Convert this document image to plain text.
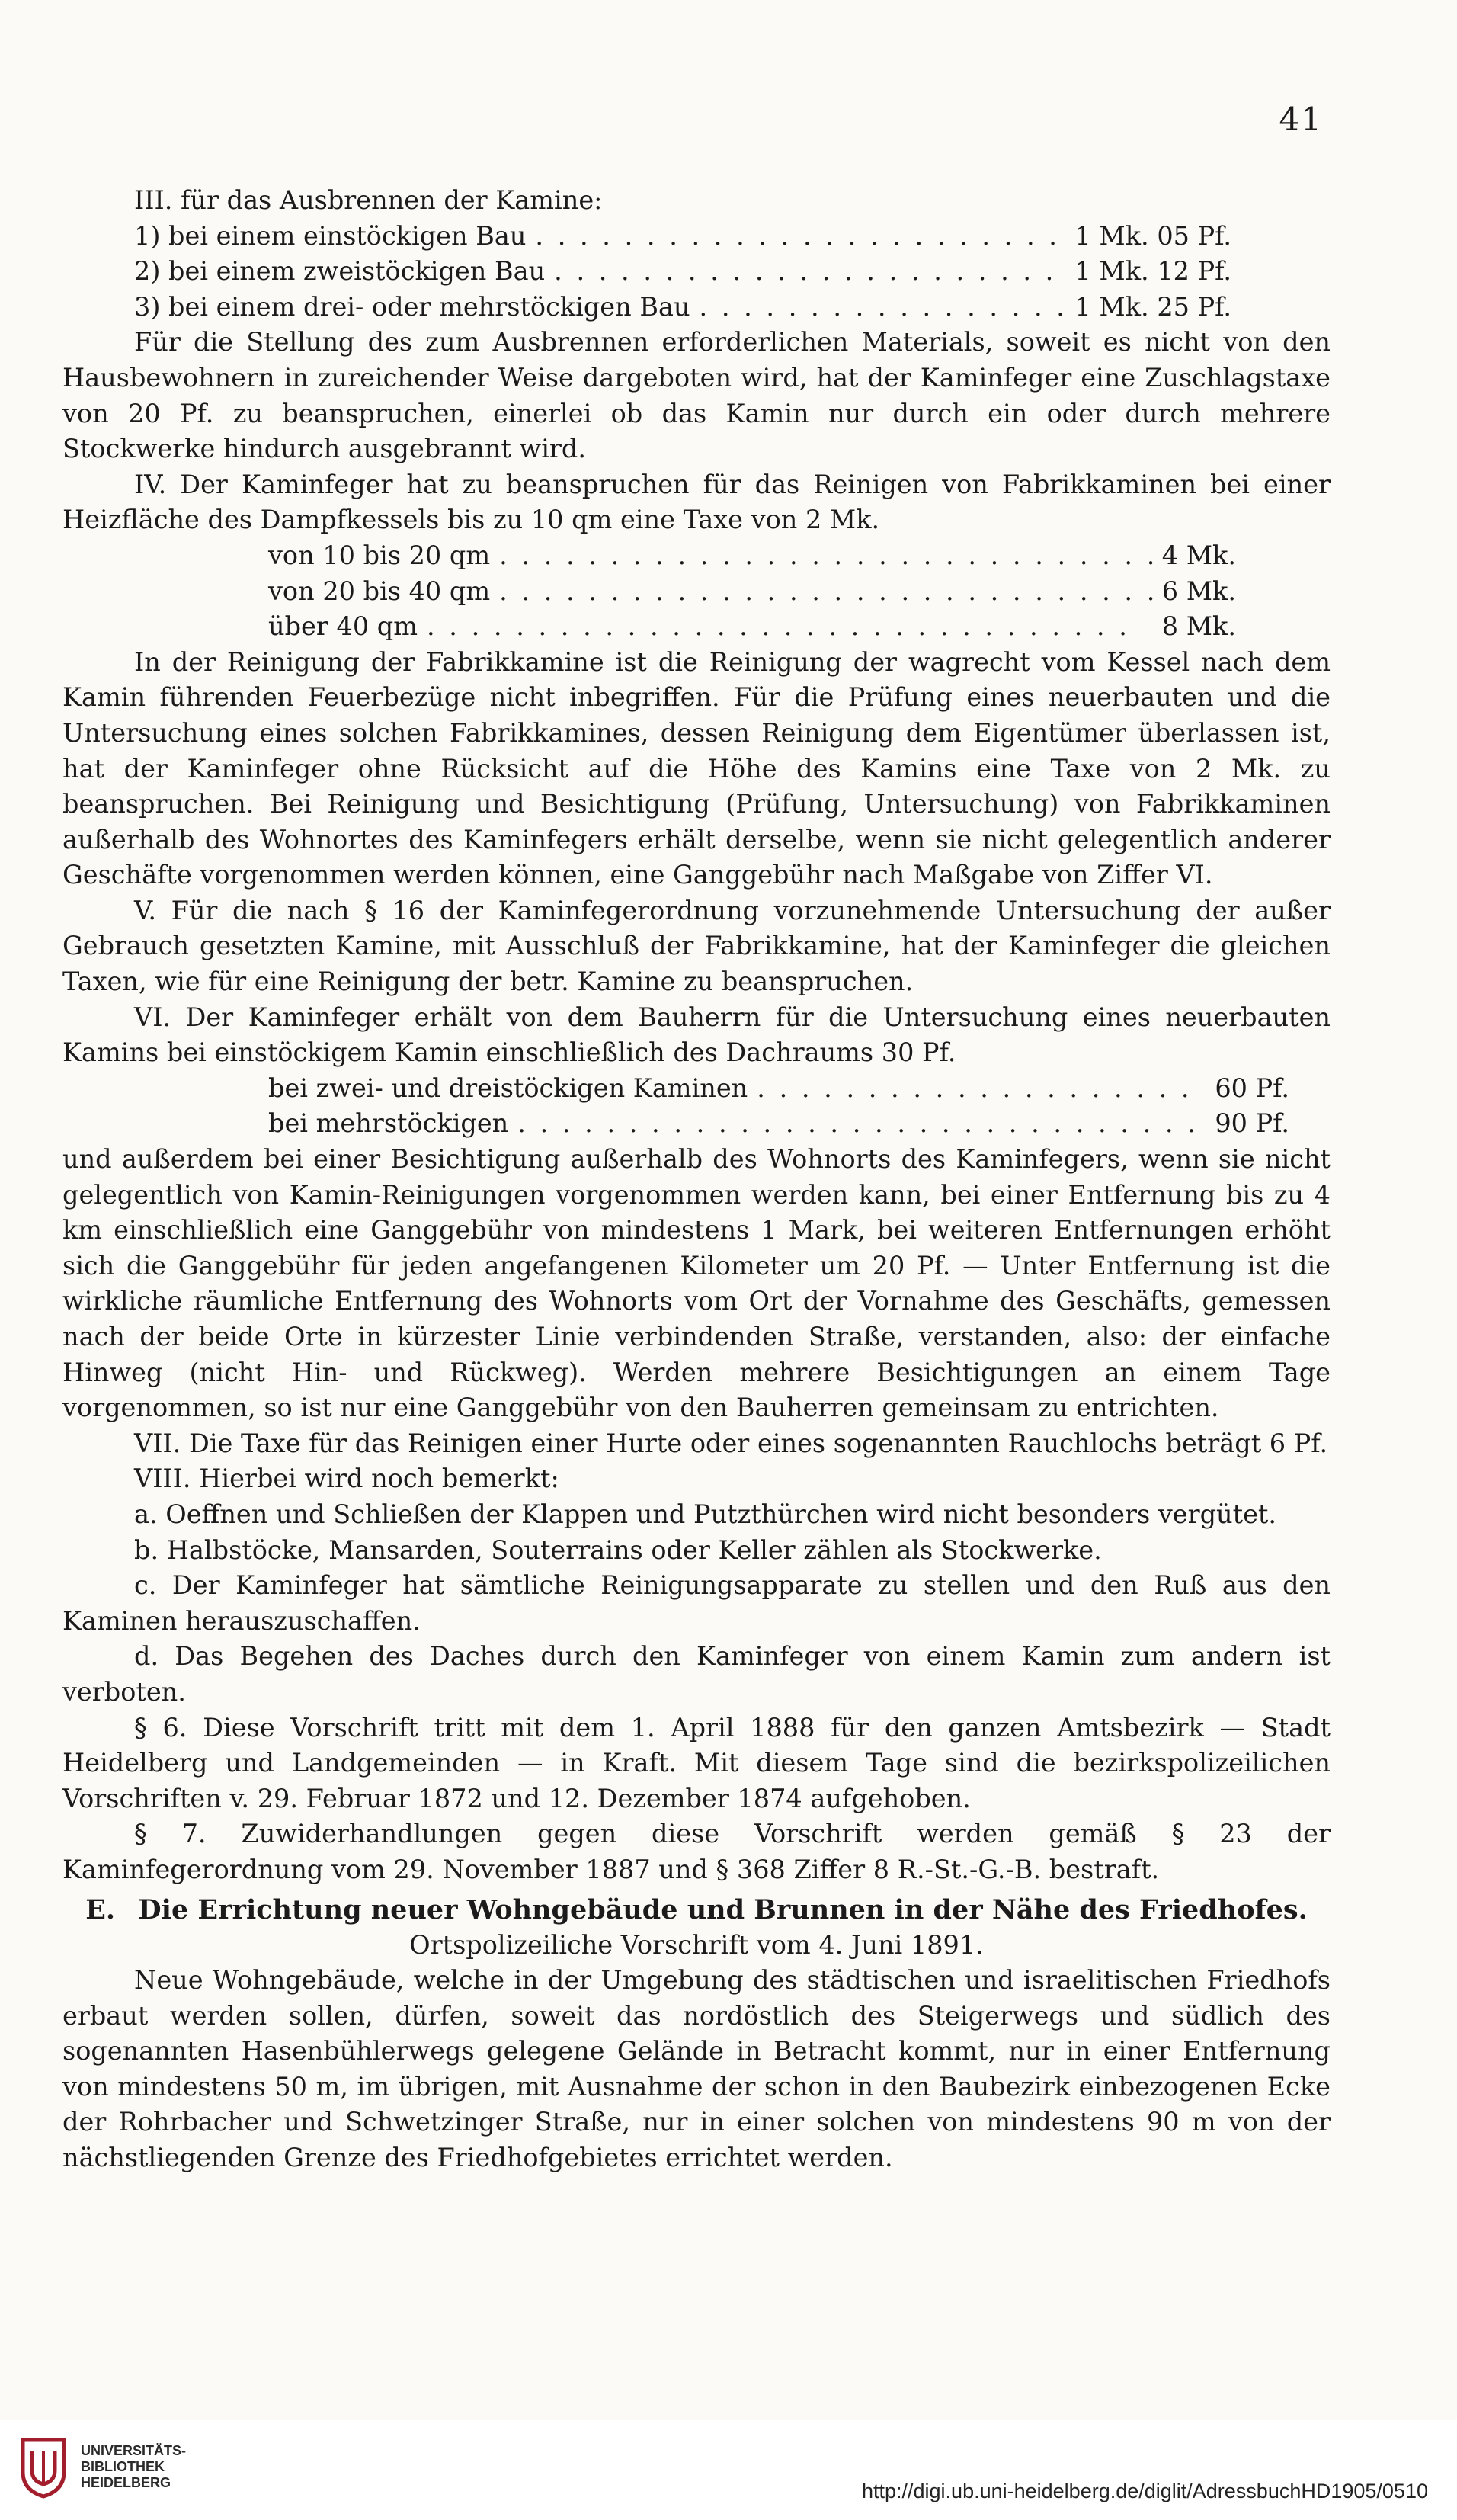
41

III. für das Ausbrennen der Kamine:

1) bei einem einstöckigen Bau . .	1 Mk. 05 Pf.
2) bei einem zweistöckigen Bau . .	1 Mk. 12 Pf.
3) bei einem drei- oder mehrstöckigen Bau . .	1 Mk. 25 Pf.

Für die Stellung des zum Ausbrennen erforderlichen Materials, soweit es nicht von den Hausbewohnern in zureichender Weise dargeboten wird, hat der Kaminfeger eine Zuschlagstaxe von 20 Pf. zu beanspruchen, einerlei ob das Kamin nur durch ein oder durch mehrere Stockwerke hindurch ausgebrannt wird.

IV. Der Kaminfeger hat zu beanspruchen für das Reinigen von Fabrikkaminen bei einer Heizfläche des Dampfkessels bis zu 10 qm eine Taxe von 2 Mk.

von 10 bis 20 qm . .	4 Mk.
von 20 bis 40 qm . .	6 Mk.
über 40 qm . .	8 Mk.

In der Reinigung der Fabrikkamine ist die Reinigung der wagrecht vom Kessel nach dem Kamin führenden Feuerbezüge nicht inbegriffen. Für die Prüfung eines neuerbauten und die Untersuchung eines solchen Fabrikkamines, dessen Reinigung dem Eigentümer überlassen ist, hat der Kaminfeger ohne Rücksicht auf die Höhe des Kamins eine Taxe von 2 Mk. zu beanspruchen. Bei Reinigung und Besichtigung (Prüfung, Untersuchung) von Fabrikkaminen außerhalb des Wohnortes des Kaminfegers erhält derselbe, wenn sie nicht gelegentlich anderer Geschäfte vorgenommen werden können, eine Ganggebühr nach Maßgabe von Ziffer VI.

V. Für die nach § 16 der Kaminfegerordnung vorzunehmende Untersuchung der außer Gebrauch gesetzten Kamine, mit Ausschluß der Fabrikkamine, hat der Kaminfeger die gleichen Taxen, wie für eine Reinigung der betr. Kamine zu beanspruchen.

VI. Der Kaminfeger erhält von dem Bauherrn für die Untersuchung eines neuerbauten Kamins bei einstöckigem Kamin einschließlich des Dachraums 30 Pf.

bei zwei- und dreistöckigen Kaminen . .	60 Pf.
bei mehrstöckigen . .	90 Pf.

und außerdem bei einer Besichtigung außerhalb des Wohnorts des Kaminfegers, wenn sie nicht gelegentlich von Kamin-Reinigungen vorgenommen werden kann, bei einer Entfernung bis zu 4 km einschließlich eine Ganggebühr von mindestens 1 Mark, bei weiteren Entfernungen erhöht sich die Ganggebühr für jeden angefangenen Kilometer um 20 Pf. — Unter Entfernung ist die wirkliche räumliche Entfernung des Wohnorts vom Ort der Vornahme des Geschäfts, gemessen nach der beide Orte in kürzester Linie verbindenden Straße, verstanden, also: der einfache Hinweg (nicht Hin- und Rückweg). Werden mehrere Besichtigungen an einem Tage vorgenommen, so ist nur eine Ganggebühr von den Bauherren gemeinsam zu entrichten.

VII. Die Taxe für das Reinigen einer Hurte oder eines sogenannten Rauchlochs beträgt 6 Pf.

VIII. Hierbei wird noch bemerkt:

a. Oeffnen und Schließen der Klappen und Putzthürchen wird nicht besonders vergütet.

b. Halbstöcke, Mansarden, Souterrains oder Keller zählen als Stockwerke.

c. Der Kaminfeger hat sämtliche Reinigungsapparate zu stellen und den Ruß aus den Kaminen herauszuschaffen.

d. Das Begehen des Daches durch den Kaminfeger von einem Kamin zum andern ist verboten.

§ 6. Diese Vorschrift tritt mit dem 1. April 1888 für den ganzen Amtsbezirk — Stadt Heidelberg und Landgemeinden — in Kraft. Mit diesem Tage sind die bezirkspolizeilichen Vorschriften v. 29. Februar 1872 und 12. Dezember 1874 aufgehoben.

§ 7. Zuwiderhandlungen gegen diese Vorschrift werden gemäß § 23 der Kaminfegerordnung vom 29. November 1887 und § 368 Ziffer 8 R.-St.-G.-B. bestraft.

E. Die Errichtung neuer Wohngebäude und Brunnen in der Nähe des Friedhofes.

Ortspolizeiliche Vorschrift vom 4. Juni 1891.

Neue Wohngebäude, welche in der Umgebung des städtischen und israelitischen Friedhofs erbaut werden sollen, dürfen, soweit das nordöstlich des Steigerwegs und südlich des sogenannten Hasenbühlerwegs gelegene Gelände in Betracht kommt, nur in einer Entfernung von mindestens 50 m, im übrigen, mit Ausnahme der schon in den Baubezirk einbezogenen Ecke der Rohrbacher und Schwetzinger Straße, nur in einer solchen von mindestens 90 m von der nächstliegenden Grenze des Friedhofgebietes errichtet werden.

UNIVERSITÄTS-
BIBLIOTHEK
HEIDELBERG	http://digi.ub.uni-heidelberg.de/diglit/AdressbuchHD1905/0510
